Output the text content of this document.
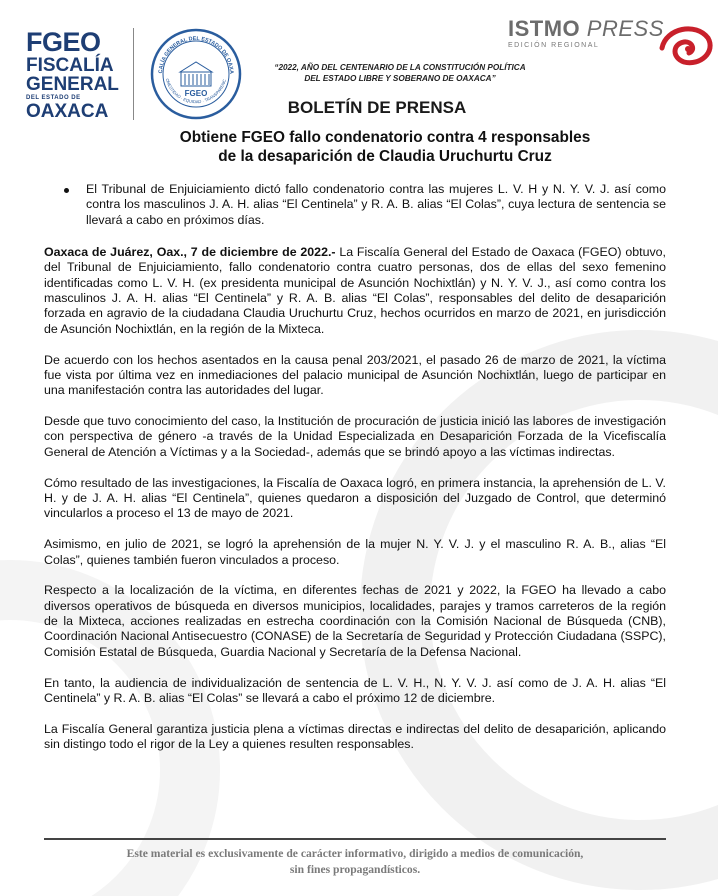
FGEO
FISCALÍA
GENERAL
DEL ESTADO DE
OAXACA
CALÍA GENERAL DEL ESTADO DE OAXA
ONESTIDAD · EQUIDAD · TRANSPARENC
FGEO
“2022, AÑO DEL CENTENARIO DE LA CONSTITUCIÓN POLÍTICA
DEL ESTADO LIBRE Y SOBERANO DE OAXACA”
ISTMO PRESS
EDICIÓN REGIONAL
BOLETÍN DE PRENSA
Obtiene FGEO fallo condenatorio contra 4 responsables
de la desaparición de Claudia Uruchurtu Cruz
El Tribunal de Enjuiciamiento dictó fallo condenatorio contra las mujeres L. V. H y N. Y. V. J. así como contra los masculinos J. A. H. alias “El Centinela” y R. A. B. alias “El Colas”, cuya lectura de sentencia se llevará a cabo en próximos días.

Oaxaca de Juárez, Oax., 7 de diciembre de 2022.- La Fiscalía General del Estado de Oaxaca (FGEO) obtuvo, del Tribunal de Enjuiciamiento, fallo condenatorio contra cuatro personas, dos de ellas del sexo femenino identificadas como L. V. H. (ex presidenta municipal de Asunción Nochixtlán) y N. Y. V. J., así como contra los masculinos J. A. H. alias “El Centinela” y R. A. B. alias “El Colas”, responsables del delito de desaparición forzada en agravio de la ciudadana Claudia Uruchurtu Cruz, hechos ocurridos en marzo de 2021, en jurisdicción de Asunción Nochixtlán, en la región de la Mixteca.

De acuerdo con los hechos asentados en la causa penal 203/2021, el pasado 26 de marzo de 2021, la víctima fue vista por última vez en inmediaciones del palacio municipal de Asunción Nochixtlán, luego de participar en una manifestación contra las autoridades del lugar.

Desde que tuvo conocimiento del caso, la Institución de procuración de justicia inició las labores de investigación con perspectiva de género -a través de la Unidad Especializada en Desaparición Forzada de la Vicefiscalía General de Atención a Víctimas y a la Sociedad-, además que se brindó apoyo a las víctimas indirectas.

Cómo resultado de las investigaciones, la Fiscalía de Oaxaca logró, en primera instancia, la aprehensión de L. V. H. y de J. A. H. alias “El Centinela”, quienes quedaron a disposición del Juzgado de Control, que determinó vincularlos a proceso el 13 de mayo de 2021.

Asimismo, en julio de 2021, se logró la aprehensión de la mujer N. Y. V. J. y el masculino R. A. B., alias “El Colas”, quienes también fueron vinculados a proceso.

Respecto a la localización de la víctima, en diferentes fechas de 2021 y 2022, la FGEO ha llevado a cabo diversos operativos de búsqueda en diversos municipios, localidades, parajes y tramos carreteros de la región de la Mixteca, acciones realizadas en estrecha coordinación con la Comisión Nacional de Búsqueda (CNB), Coordinación Nacional Antisecuestro (CONASE) de la Secretaría de Seguridad y Protección Ciudadana (SSPC), Comisión Estatal de Búsqueda, Guardia Nacional y Secretaría de la Defensa Nacional.

En tanto, la audiencia de individualización de sentencia de L. V. H., N. Y. V. J. así como de J. A. H. alias “El Centinela” y R. A. B. alias “El Colas” se llevará a cabo el próximo 12 de diciembre.

La Fiscalía General garantiza justicia plena a víctimas directas e indirectas del delito de desaparición, aplicando sin distingo todo el rigor de la Ley a quienes resulten responsables.

Este material es exclusivamente de carácter informativo, dirigido a medios de comunicación,
sin fines propagandísticos.
